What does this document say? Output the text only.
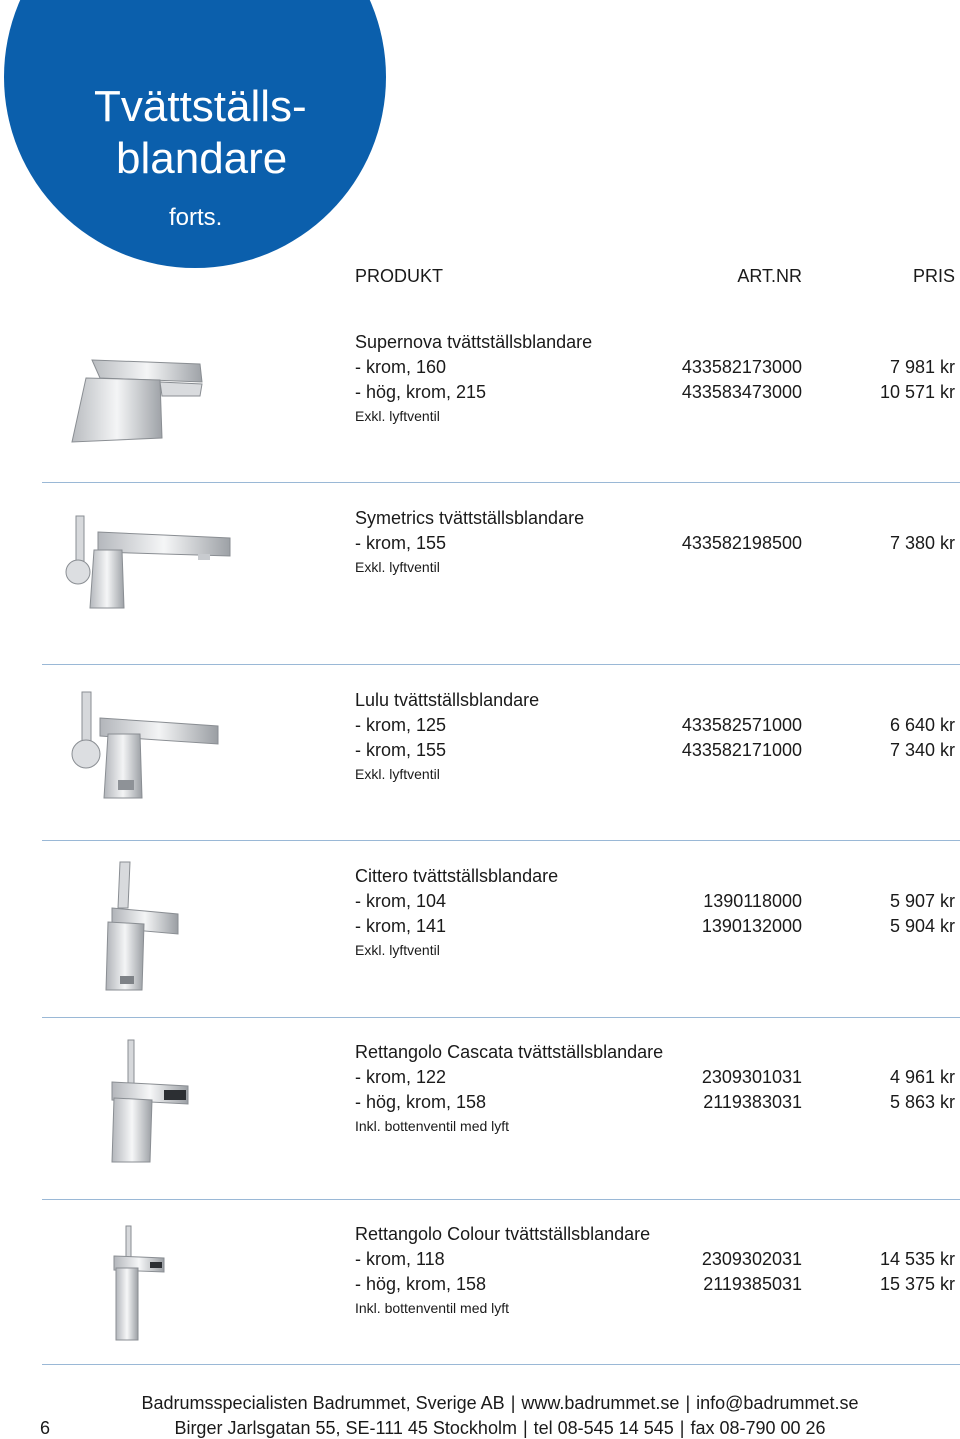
Tvättställs-
blandare
forts.
PRODUKT	ART.NR	PRIS
Supernova tvättställsblandare
- krom, 160	433582173000	7 981 kr
- hög, krom, 215	433583473000	10 571 kr
Exkl. lyftventil
Symetrics tvättställsblandare
- krom, 155	433582198500	7 380 kr
Exkl. lyftventil
Lulu tvättställsblandare
- krom, 125	433582571000	6 640 kr
- krom, 155	433582171000	7 340 kr
Exkl. lyftventil
Cittero tvättställsblandare
- krom, 104	1390118000	5 907 kr
- krom, 141	1390132000	5 904 kr
Exkl. lyftventil
Rettangolo Cascata tvättställsblandare
- krom, 122	2309301031	4 961 kr
- hög, krom, 158	2119383031	5 863 kr
Inkl. bottenventil med lyft
Rettangolo Colour tvättställsblandare
- krom, 118	2309302031	14 535 kr
- hög, krom, 158	2119385031	15 375 kr
Inkl. bottenventil med lyft
Badrumsspecialisten Badrummet, Sverige AB | www.badrummet.se | info@badrummet.se
Birger Jarlsgatan 55, SE-111 45 Stockholm | tel 08-545 14 545 | fax 08-790 00 26
6
